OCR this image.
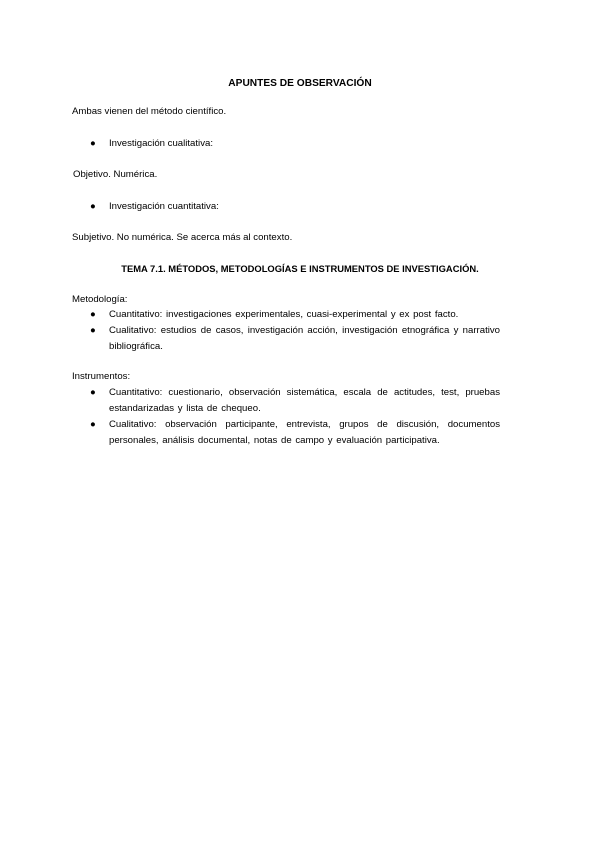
APUNTES DE OBSERVACIÓN

Ambas vienen del método científico.

●	Investigación cualitativa:

Objetivo. Numérica.

●	Investigación cuantitativa:

Subjetivo. No numérica. Se acerca más al contexto.

TEMA 7.1. MÉTODOS, METODOLOGÍAS E INSTRUMENTOS DE INVESTIGACIÓN.

Metodología:

●	Cuantitativo: investigaciones experimentales, cuasi-experimental y ex post facto.
●	Cualitativo: estudios de casos, investigación acción, investigación etnográfica y narrativo bibliográfica.

Instrumentos:

●	Cuantitativo: cuestionario, observación sistemática, escala de actitudes, test, pruebas estandarizadas y lista de chequeo.
●	Cualitativo: observación participante, entrevista, grupos de discusión, documentos personales, análisis documental, notas de campo y evaluación participativa.
